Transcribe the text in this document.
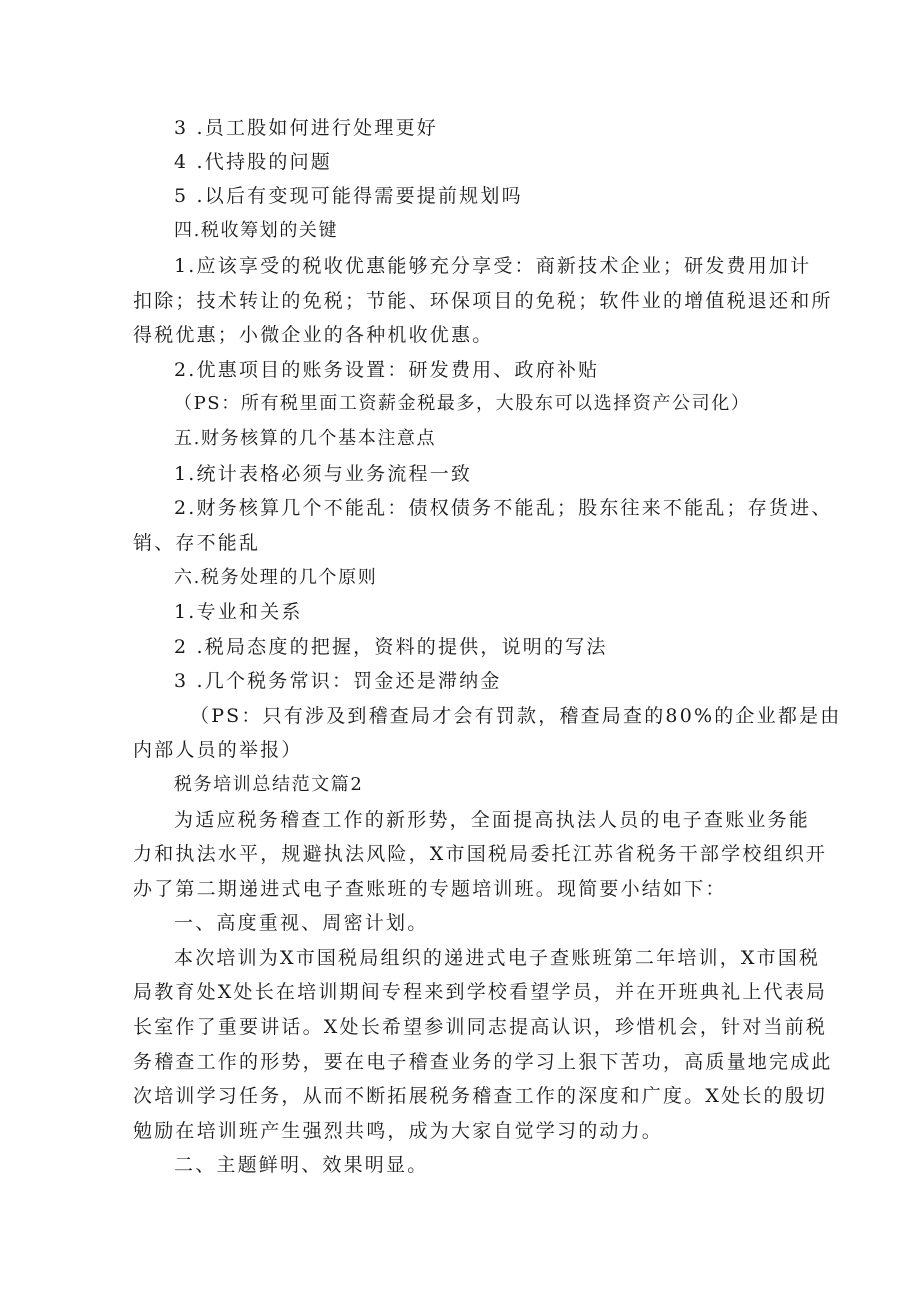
3 .员工股如何进行处理更好
4 .代持股的问题
5 .以后有变现可能得需要提前规划吗
四.税收筹划的关键
1.应该享受的税收优惠能够充分享受：商新技术企业；研发费用加计
扣除；技术转让的免税；节能、环保项目的免税；软件业的增值税退还和所
得税优惠；小微企业的各种机收优惠。
2.优惠项目的账务设置：研发费用、政府补贴
（PS：所有税里面工资薪金税最多，大股东可以选择资产公司化）
五.财务核算的几个基本注意点
1.统计表格必须与业务流程一致
2.财务核算几个不能乱：债权债务不能乱；股东往来不能乱；存货进、
销、存不能乱
六.税务处理的几个原则
1.专业和关系
2 .税局态度的把握，资料的提供，说明的写法
3 .几个税务常识：罚金还是滞纳金
（PS：只有涉及到稽查局才会有罚款，稽查局查的80%的企业都是由
内部人员的举报）
税务培训总结范文篇2
为适应税务稽查工作的新形势，全面提高执法人员的电子查账业务能
力和执法水平，规避执法风险，X市国税局委托江苏省税务干部学校组织开
办了第二期递进式电子查账班的专题培训班。现简要小结如下：
一、高度重视、周密计划。
本次培训为X市国税局组织的递进式电子查账班第二年培训，X市国税
局教育处X处长在培训期间专程来到学校看望学员，并在开班典礼上代表局
长室作了重要讲话。X处长希望参训同志提高认识，珍惜机会，针对当前税
务稽查工作的形势，要在电子稽查业务的学习上狠下苦功，高质量地完成此
次培训学习任务，从而不断拓展税务稽查工作的深度和广度。X处长的殷切
勉励在培训班产生强烈共鸣，成为大家自觉学习的动力。
二、主题鲜明、效果明显。
